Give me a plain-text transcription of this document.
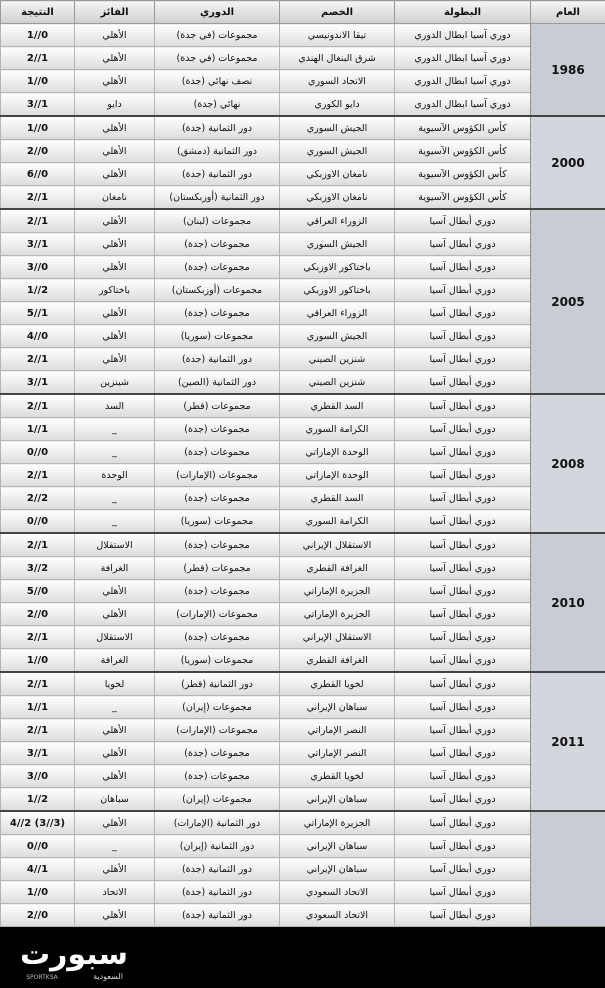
العام	البطولة	الخصم	الدوري	الفائز	النتيجة
1986	دوري آسيا ابطال الدوري	تيقا الاندونيسي	مجموعات (في جدة)	الأهلي	0//1
	دوري آسيا ابطال الدوري	شرق البنغال الهندي	مجموعات (في جدة)	الأهلي	1//2
	دوري آسيا ابطال الدوري	الاتحاد السوري	نصف نهائي (جدة)	الأهلي	0//1
	دوري آسيا ابطال الدوري	دايو الكوري	نهائي (جدة)	دايو	1//3
2000	كأس الكؤوس الآسيوية	الجيش السوري	دور الثمانية (جدة)	الأهلي	0//1
	كأس الكؤوس الآسيوية	الجيش السوري	دور الثمانية (دمشق)	الأهلي	0//2
	كأس الكؤوس الآسيوية	نامغان الاوزبكي	دور الثمانية (جدة)	الأهلي	0//6
	كأس الكؤوس الآسيوية	نامغان الاوزبكي	دور الثمانية (أوزبكستان)	نامغان	1//2
2005	دوري أبطال آسيا	الزوراء العراقي	مجموعات (لبنان)	الأهلي	1//2
	دوري أبطال آسيا	الجيش السوري	مجموعات (جدة)	الأهلي	1//3
	دوري أبطال آسيا	باختاكور الاوزبكي	مجموعات (جدة)	الأهلي	0//3
	دوري أبطال آسيا	باختاكور الاوزبكي	مجموعات (أوزبكستان)	باختاكور	2//1
	دوري أبطال آسيا	الزوراء العراقي	مجموعات (جدة)	الأهلي	1//5
	دوري أبطال آسيا	الجيش السوري	مجموعات (سوريا)	الأهلي	0//4
	دوري أبطال آسيا	شنزين الصيني	دور الثمانية (جدة)	الأهلي	1//2
	دوري أبطال آسيا	شنزين الصيني	دور الثمانية (الصين)	شينزين	1//3
2008	دوري أبطال آسيا	السد القطري	مجموعات (قطر)	السد	1//2
	دوري أبطال آسيا	الكرامة السوري	مجموعات (جدة)	_	1//1
	دوري أبطال آسيا	الوحدة الإماراتي	مجموعات (جدة)	_	0//0
	دوري أبطال آسيا	الوحدة الإماراتي	مجموعات (الإمارات)	الوحدة	1//2
	دوري أبطال آسيا	السد القطري	مجموعات (جدة)	_	2//2
	دوري أبطال آسيا	الكرامة السوري	مجموعات (سوريا)	_	0//0
2010	دوري أبطال آسيا	الاستقلال الإيراني	مجموعات (جدة)	الاستقلال	1//2
	دوري أبطال آسيا	الغرافة القطري	مجموعات (قطر)	الغرافة	2//3
	دوري أبطال آسيا	الجزيرة الإماراتي	مجموعات (جدة)	الأهلي	0//5
	دوري أبطال آسيا	الجزيرة الإماراتي	مجموعات (الإمارات)	الأهلي	0//2
	دوري أبطال آسيا	الاستقلال الإيراني	مجموعات (جدة)	الاستقلال	1//2
	دوري أبطال آسيا	الغرافة القطري	مجموعات (سوريا)	الغرافة	0//1
2011	دوري أبطال آسيا	لخويا القطري	دور الثمانية (قطر)	لخويا	1//2
	دوري أبطال آسيا	سباهان الإيراني	مجموعات (إيران)	_	1//1
	دوري أبطال آسيا	النصر الإماراتي	مجموعات (الإمارات)	الأهلي	1//2
	دوري أبطال آسيا	النصر الإماراتي	مجموعات (جدة)	الأهلي	1//3
	دوري أبطال آسيا	لخويا القطري	مجموعات (جدة)	الأهلي	0//3
	دوري أبطال آسيا	سباهان الإيراني	مجموعات (إيران)	سباهان	2//1
	دوري أبطال آسيا	الجزيرة الإماراتي	دور الثمانية (الإمارات)	الأهلي	(3//3) 2//4
	دوري أبطال آسيا	سباهان الإيراني	دور الثمانية (إيران)	_	0//0
	دوري أبطال آسيا	سباهان الإيراني	دور الثمانية (جدة)	الأهلي	1//4
	دوري أبطال آسيا	الاتحاد السعودي	دور الثمانية (جدة)	الاتحاد	0//1
	دوري أبطال آسيا	الاتحاد السعودي	دور الثمانية (جدة)	الأهلي	0//2
سبورت
السعودية
SPORTKSA
